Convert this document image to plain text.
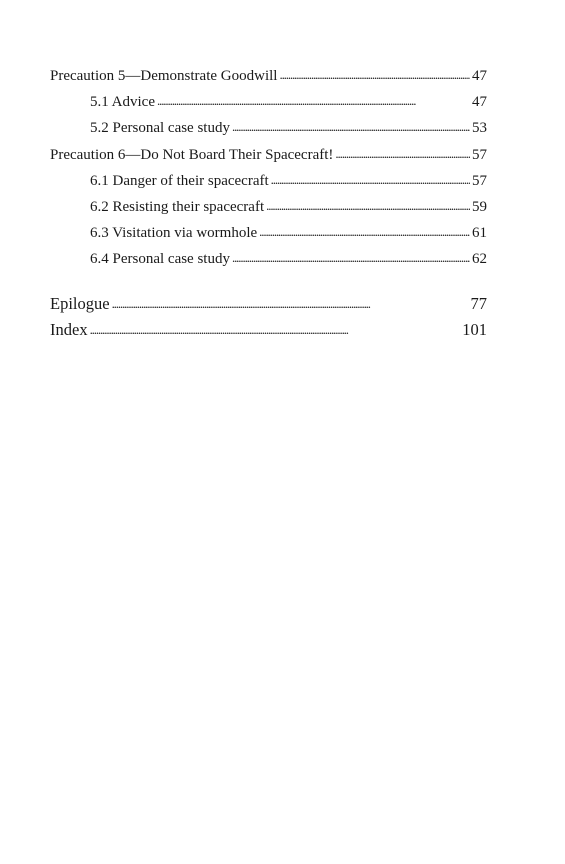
Precaution 5—Demonstrate Goodwill . . .	47
5.1 Advice . . .	47
5.2 Personal case study . . .	53
Precaution 6—Do Not Board Their Spacecraft! . . .	57
6.1 Danger of their spacecraft . . .	57
6.2 Resisting their spacecraft . . .	59
6.3 Visitation via wormhole . . .	61
6.4 Personal case study . . .	62
Epilogue . . .	77
Index . . .	101
